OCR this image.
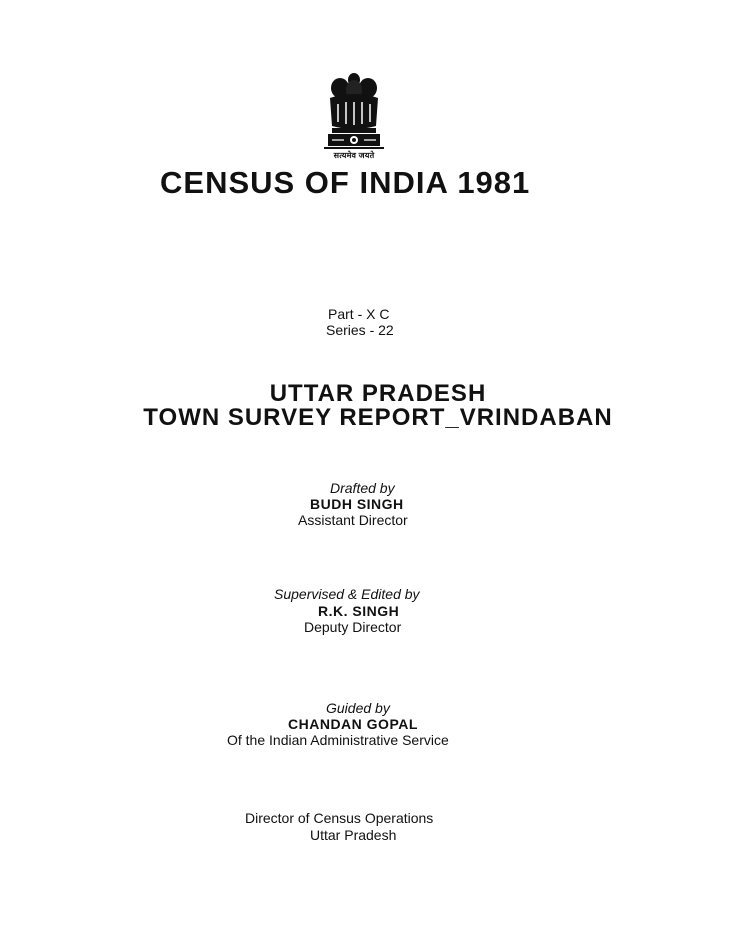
सत्यमेव जयते
CENSUS OF INDIA 1981
Part - X C
Series - 22
UTTAR PRADESH
TOWN SURVEY REPORT_VRINDABAN
Drafted by
BUDH SINGH
Assistant Director
Supervised & Edited by
R.K. SINGH
Deputy Director
Guided by
CHANDAN GOPAL
Of the Indian Administrative Service
Director of Census Operations
Uttar Pradesh
